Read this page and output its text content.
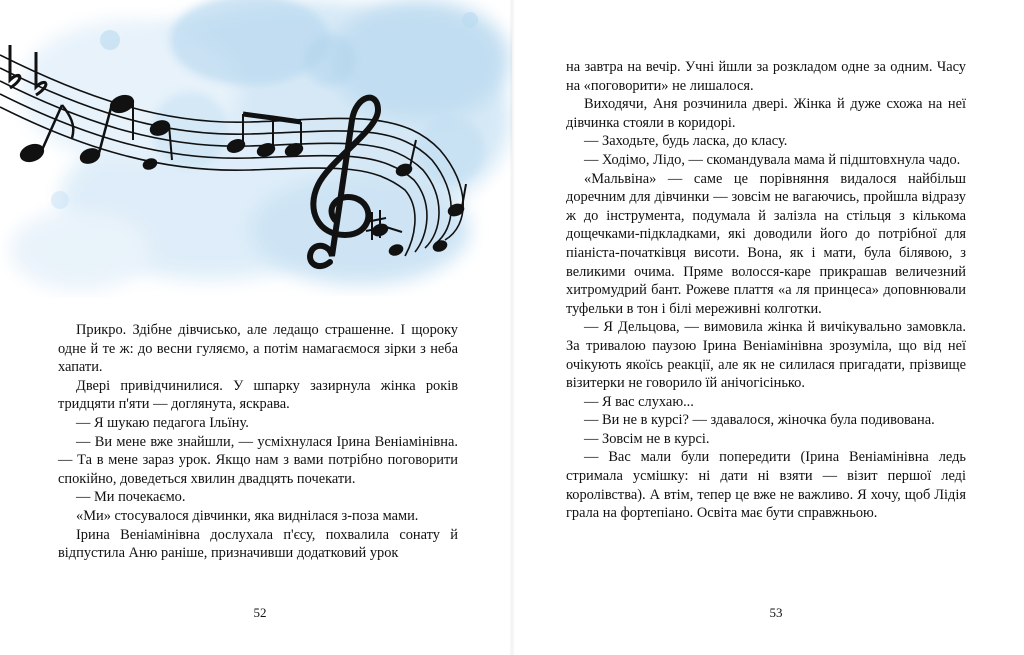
Прикро. Здібне дівчисько, але ледащо страшенне. І щороку одне й те ж: до весни гуляємо, а потім намагаємося зірки з неба хапати.

Двері привідчинилися. У шпарку зазирнула жінка років тридцяти п'яти — доглянута, яскрава.

— Я шукаю педагога Ільїну.

— Ви мене вже знайшли, — усміхнулася Ірина Веніамінівна. — Та в мене зараз урок. Якщо нам з вами потрібно поговорити спокійно, доведеться хвилин двадцять почекати.

— Ми почекаємо.

«Ми» стосувалося дівчинки, яка виднілася з-поза мами.

Ірина Веніамінівна дослухала п'єсу, похвалила сонату й відпустила Аню раніше, призначивши додатковий урок

52

на завтра на вечір. Учні йшли за розкладом одне за одним. Часу на «поговорити» не лишалося.

Виходячи, Аня розчинила двері. Жінка й дуже схожа на неї дівчинка стояли в коридорі.

— Заходьте, будь ласка, до класу.

— Ходімо, Лідо, — скомандувала мама й підштовхнула чадо.

«Мальвіна» — саме це порівняння видалося найбільш доречним для дівчинки — зовсім не вагаючись, пройшла відразу ж до інструмента, подумала й залізла на стільця з кількома дощечками-підкладками, які доводили його до потрібної для піаніста-початківця висоти. Вона, як і мати, була білявою, з великими очима. Пряме волосся-каре прикрашав величезний хитромудрий бант. Рожеве плаття «а ля принцеса» доповнювали туфельки в тон і білі мереживні колготки.

— Я Дельцова, — вимовила жінка й вичікувально замовкла. За тривалою паузою Ірина Веніамінівна зрозуміла, що від неї очікують якоїсь реакції, але як не силилася пригадати, прізвище візитерки не говорило їй анічогісінько.

— Я вас слухаю...

— Ви не в курсі? — здавалося, жіночка була подивована.

— Зовсім не в курсі.

— Вас мали були попередити (Ірина Веніамінівна ледь стримала усмішку: ні дати ні взяти — візит першої леді королівства). А втім, тепер це вже не важливо. Я хочу, щоб Лідія грала на фортепіано. Освіта має бути справжньою.

53
